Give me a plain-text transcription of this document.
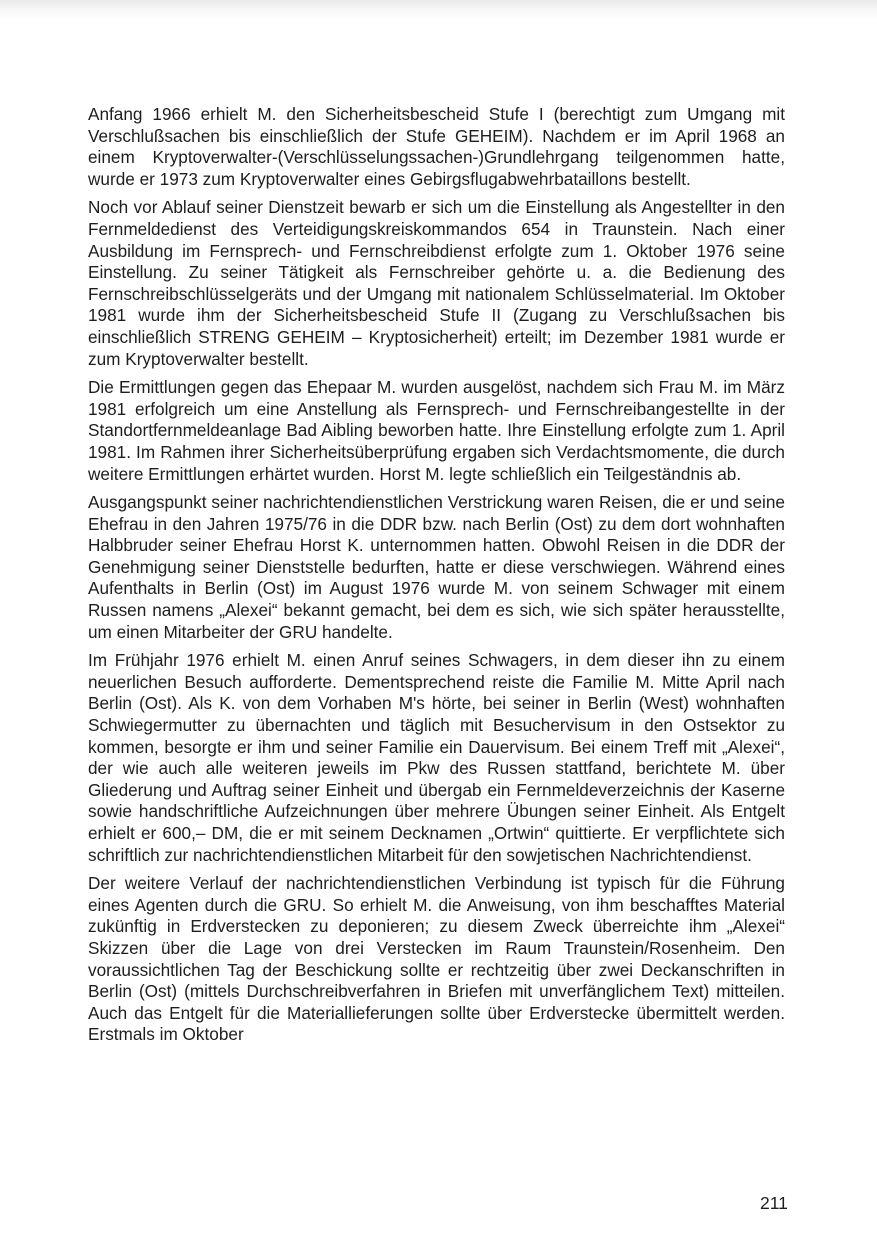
Anfang 1966 erhielt M. den Sicherheitsbescheid Stufe I (berechtigt zum Umgang mit Verschlußsachen bis einschließlich der Stufe GEHEIM). Nachdem er im April 1968 an einem Kryptoverwalter-(Verschlüsselungssachen-)Grundlehrgang teilgenommen hatte, wurde er 1973 zum Kryptoverwalter eines Gebirgsflugabwehrbataillons bestellt.

Noch vor Ablauf seiner Dienstzeit bewarb er sich um die Einstellung als Angestellter in den Fernmeldedienst des Verteidigungskreiskommandos 654 in Traunstein. Nach einer Ausbildung im Fernsprech- und Fernschreibdienst erfolgte zum 1. Oktober 1976 seine Einstellung. Zu seiner Tätigkeit als Fernschreiber gehörte u. a. die Bedienung des Fernschreibschlüsselgeräts und der Umgang mit nationalem Schlüsselmaterial. Im Oktober 1981 wurde ihm der Sicherheitsbescheid Stufe II (Zugang zu Verschlußsachen bis einschließlich STRENG GEHEIM – Kryptosicherheit) erteilt; im Dezember 1981 wurde er zum Kryptoverwalter bestellt.

Die Ermittlungen gegen das Ehepaar M. wurden ausgelöst, nachdem sich Frau M. im März 1981 erfolgreich um eine Anstellung als Fernsprech- und Fernschreibangestellte in der Standortfernmeldeanlage Bad Aibling beworben hatte. Ihre Einstellung erfolgte zum 1. April 1981. Im Rahmen ihrer Sicherheitsüberprüfung ergaben sich Verdachtsmomente, die durch weitere Ermittlungen erhärtet wurden. Horst M. legte schließlich ein Teilgeständnis ab.

Ausgangspunkt seiner nachrichtendienstlichen Verstrickung waren Reisen, die er und seine Ehefrau in den Jahren 1975/76 in die DDR bzw. nach Berlin (Ost) zu dem dort wohnhaften Halbbruder seiner Ehefrau Horst K. unternommen hatten. Obwohl Reisen in die DDR der Genehmigung seiner Dienststelle bedurften, hatte er diese verschwiegen. Während eines Aufenthalts in Berlin (Ost) im August 1976 wurde M. von seinem Schwager mit einem Russen namens „Alexei“ bekannt gemacht, bei dem es sich, wie sich später herausstellte, um einen Mitarbeiter der GRU handelte.

Im Frühjahr 1976 erhielt M. einen Anruf seines Schwagers, in dem dieser ihn zu einem neuerlichen Besuch aufforderte. Dementsprechend reiste die Familie M. Mitte April nach Berlin (Ost). Als K. von dem Vorhaben M's hörte, bei seiner in Berlin (West) wohnhaften Schwiegermutter zu übernachten und täglich mit Besuchervisum in den Ostsektor zu kommen, besorgte er ihm und seiner Familie ein Dauervisum. Bei einem Treff mit „Alexei“, der wie auch alle weiteren jeweils im Pkw des Russen stattfand, berichtete M. über Gliederung und Auftrag seiner Einheit und übergab ein Fernmeldeverzeichnis der Kaserne sowie handschriftliche Aufzeichnungen über mehrere Übungen seiner Einheit. Als Entgelt erhielt er 600,– DM, die er mit seinem Decknamen „Ortwin“ quittierte. Er verpflichtete sich schriftlich zur nachrichtendienstlichen Mitarbeit für den sowjetischen Nachrichtendienst.

Der weitere Verlauf der nachrichtendienstlichen Verbindung ist typisch für die Führung eines Agenten durch die GRU. So erhielt M. die Anweisung, von ihm beschafftes Material zukünftig in Erdverstecken zu deponieren; zu diesem Zweck überreichte ihm „Alexei“ Skizzen über die Lage von drei Verstecken im Raum Traunstein/Rosenheim. Den voraussichtlichen Tag der Beschickung sollte er rechtzeitig über zwei Deckanschriften in Berlin (Ost) (mittels Durchschreibverfahren in Briefen mit unverfänglichem Text) mitteilen. Auch das Entgelt für die Materiallieferungen sollte über Erdverstecke übermittelt werden. Erstmals im Oktober

211
